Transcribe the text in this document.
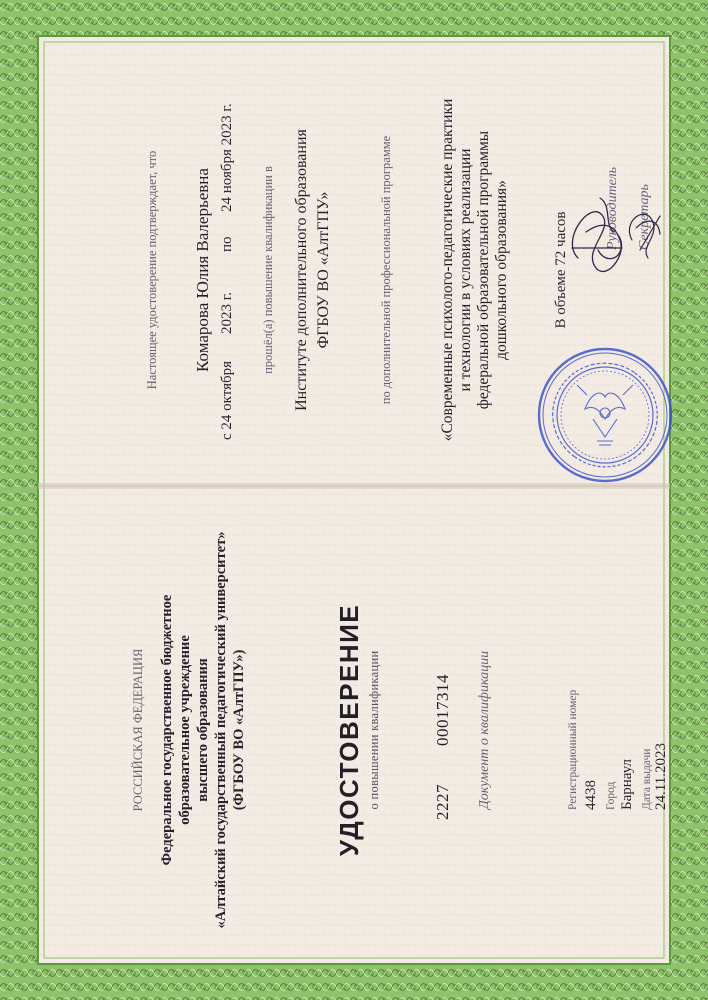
РОССИЙСКАЯ ФЕДЕРАЦИЯ Федеральное государственное бюджетное образовательное учреждение высшего образования «Алтайский государственный педагогический университет» (ФГБОУ ВО «АлтГПУ»)	УДОСТОВЕРЕНИЕ о повышении квалификации	2227
00017314 Документ о квалификации	Регистрационный номер 4438 Город Барнаул Дата выдачи 24.11.2023
Настоящее удостоверение подтверждает, что Комарова Юлия Валерьевна
с 24 октября
2023 г.
по
24 ноября 2023 г.
прошёл(а) повышение квалификации в Институте дополнительного образования ФГБОУ ВО «АлтГПУ»	по дополнительной профессиональной программе	«Современные психолого-педагогические практики и технологии в условиях реализации федеральной образовательной программы дошкольного образования»	В объеме 72 часов
Руководитель Секретарь
